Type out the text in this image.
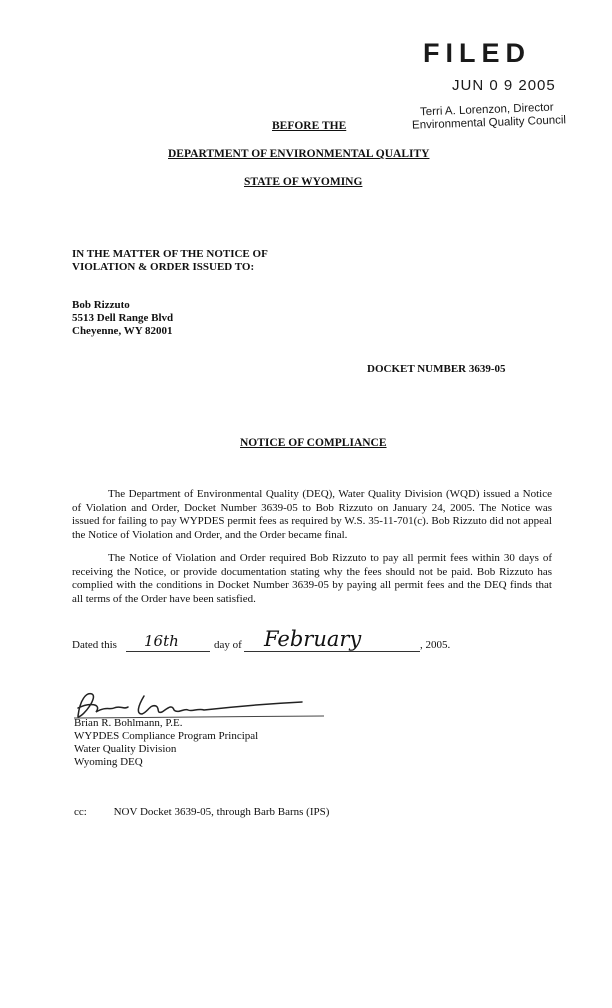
FILED
JUN 0 9 2005
Terri A. Lorenzon, Director
Environmental Quality Council
BEFORE THE
DEPARTMENT OF ENVIRONMENTAL QUALITY
STATE OF WYOMING
IN THE MATTER OF THE NOTICE OF
VIOLATION & ORDER ISSUED TO:
Bob Rizzuto
5513 Dell Range Blvd
Cheyenne, WY 82001
DOCKET NUMBER 3639-05
NOTICE OF COMPLIANCE
The Department of Environmental Quality (DEQ), Water Quality Division (WQD) issued a Notice of Violation and Order, Docket Number 3639-05 to Bob Rizzuto on January 24, 2005. The Notice was issued for failing to pay WYPDES permit fees as required by W.S. 35-11-701(c). Bob Rizzuto did not appeal the Notice of Violation and Order, and the Order became final.
The Notice of Violation and Order required Bob Rizzuto to pay all permit fees within 30 days of receiving the Notice, or provide documentation stating why the fees should not be paid. Bob Rizzuto has complied with the conditions in Docket Number 3639-05 by paying all permit fees and the DEQ finds that all terms of the Order have been satisfied.
Dated this 16th	day of February	, 2005.
Brian R. Bohlmann, P.E.
WYPDES Compliance Program Principal
Water Quality Division
Wyoming DEQ
cc: NOV Docket 3639-05, through Barb Barns (IPS)
